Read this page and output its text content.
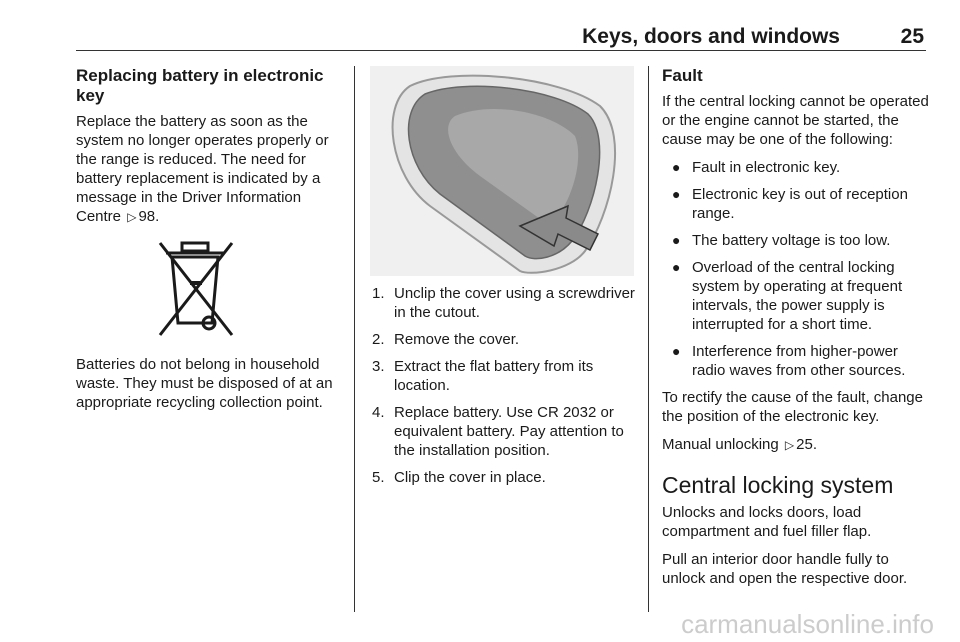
Keys, doors and windows	25
Replacing battery in electronic key

Replace the battery as soon as the system no longer operates properly or the range is reduced. The need for battery replacement is indicated by a message in the Driver Information Centre ▷ 98.

Batteries do not belong in household waste. They must be disposed of at an appropriate recycling collection point.

1. Unclip the cover using a screwdriver in the cutout.
2. Remove the cover.
3. Extract the flat battery from its location.
4. Replace battery. Use CR 2032 or equivalent battery. Pay attention to the installation position.
5. Clip the cover in place.
Fault

If the central locking cannot be operated or the engine cannot be started, the cause may be one of the following:

● Fault in electronic key.
● Electronic key is out of reception range.
● The battery voltage is too low.
● Overload of the central locking system by operating at frequent intervals, the power supply is interrupted for a short time.
● Interference from higher-power radio waves from other sources.

To rectify the cause of the fault, change the position of the electronic key.

Manual unlocking ▷ 25.

Central locking system

Unlocks and locks doors, load compartment and fuel filler flap.

Pull an interior door handle fully to unlock and open the respective door.

carmanualsonline.info
